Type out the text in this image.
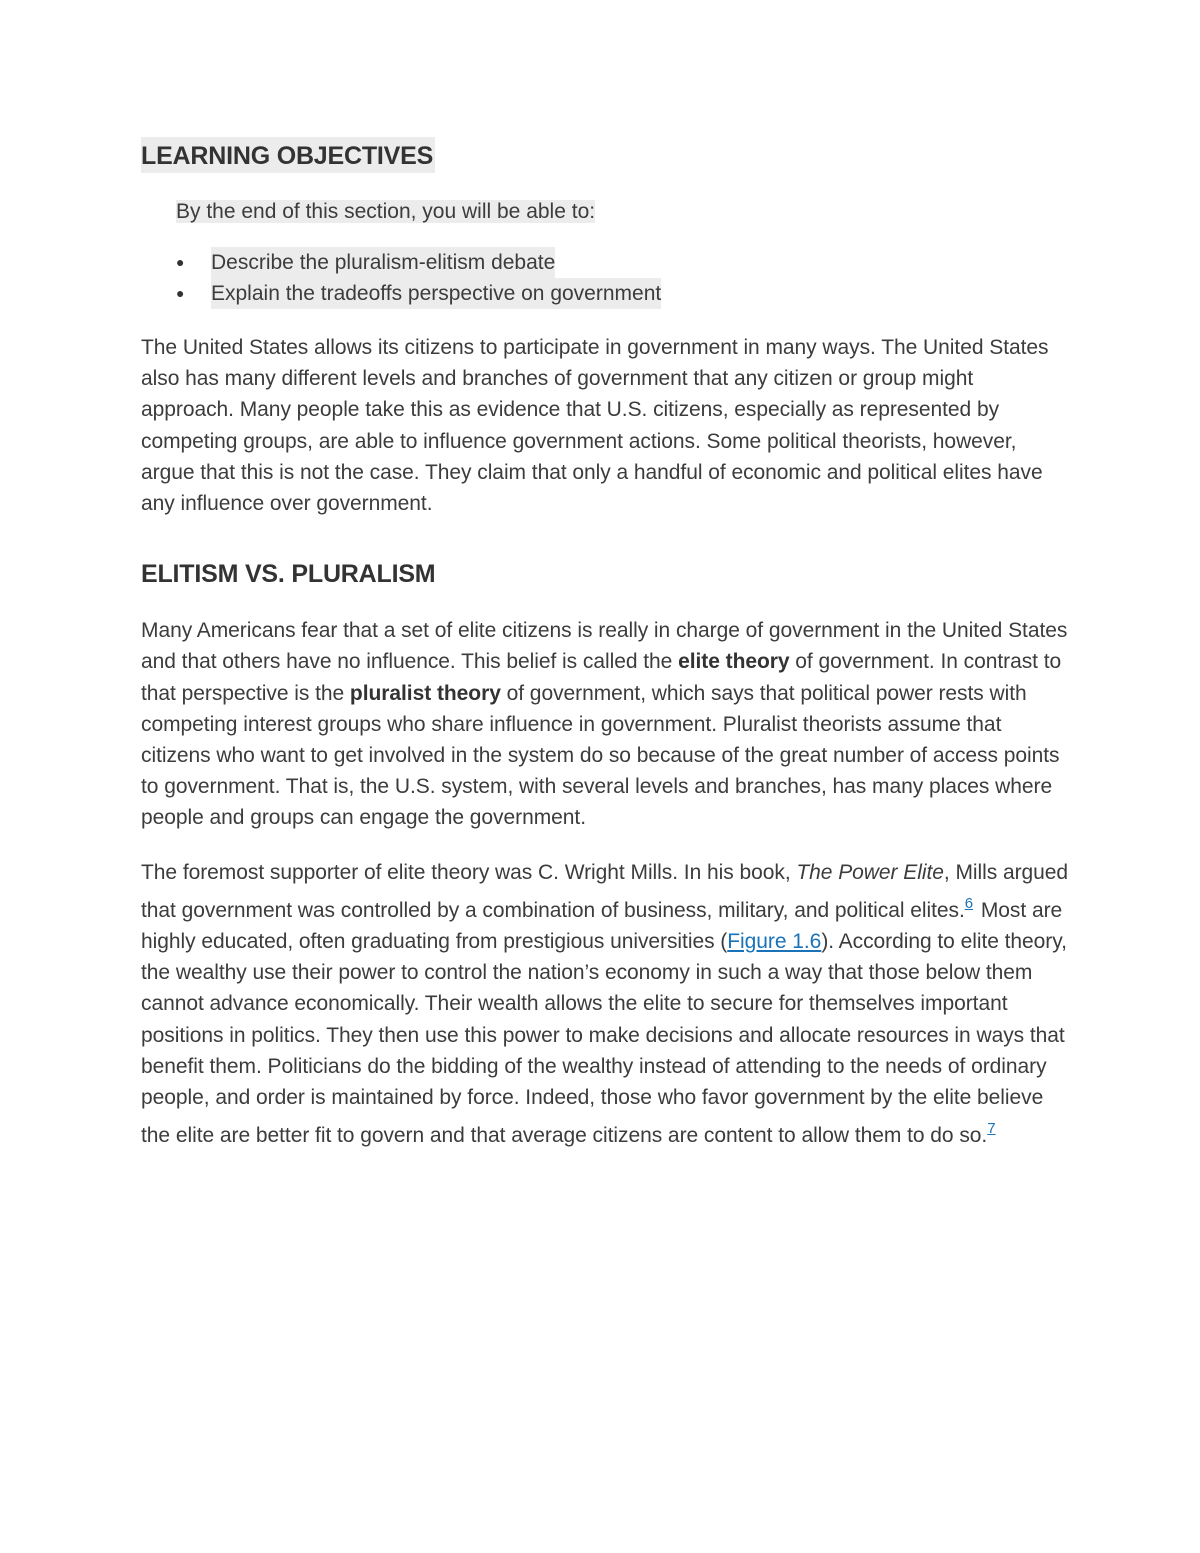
LEARNING OBJECTIVES
By the end of this section, you will be able to:
●	Describe the pluralism-elitism debate
●	Explain the tradeoffs perspective on government

The United States allows its citizens to participate in government in many ways. The United States also has many different levels and branches of government that any citizen or group might approach. Many people take this as evidence that U.S. citizens, especially as represented by competing groups, are able to influence government actions. Some political theorists, however, argue that this is not the case. They claim that only a handful of economic and political elites have any influence over government.

ELITISM VS. PLURALISM

Many Americans fear that a set of elite citizens is really in charge of government in the United States and that others have no influence. This belief is called the elite theory of government. In contrast to that perspective is the pluralist theory of government, which says that political power rests with competing interest groups who share influence in government. Pluralist theorists assume that citizens who want to get involved in the system do so because of the great number of access points to government. That is, the U.S. system, with several levels and branches, has many places where people and groups can engage the government.

The foremost supporter of elite theory was C. Wright Mills. In his book, The Power Elite, Mills argued that government was controlled by a combination of business, military, and political elites.$^6$ Most are highly educated, often graduating from prestigious universities (Figure 1.6). According to elite theory, the wealthy use their power to control the nation’s economy in such a way that those below them cannot advance economically. Their wealth allows the elite to secure for themselves important positions in politics. They then use this power to make decisions and allocate resources in ways that benefit them. Politicians do the bidding of the wealthy instead of attending to the needs of ordinary people, and order is maintained by force. Indeed, those who favor government by the elite believe the elite are better fit to govern and that average citizens are content to allow them to do so.$^7$
